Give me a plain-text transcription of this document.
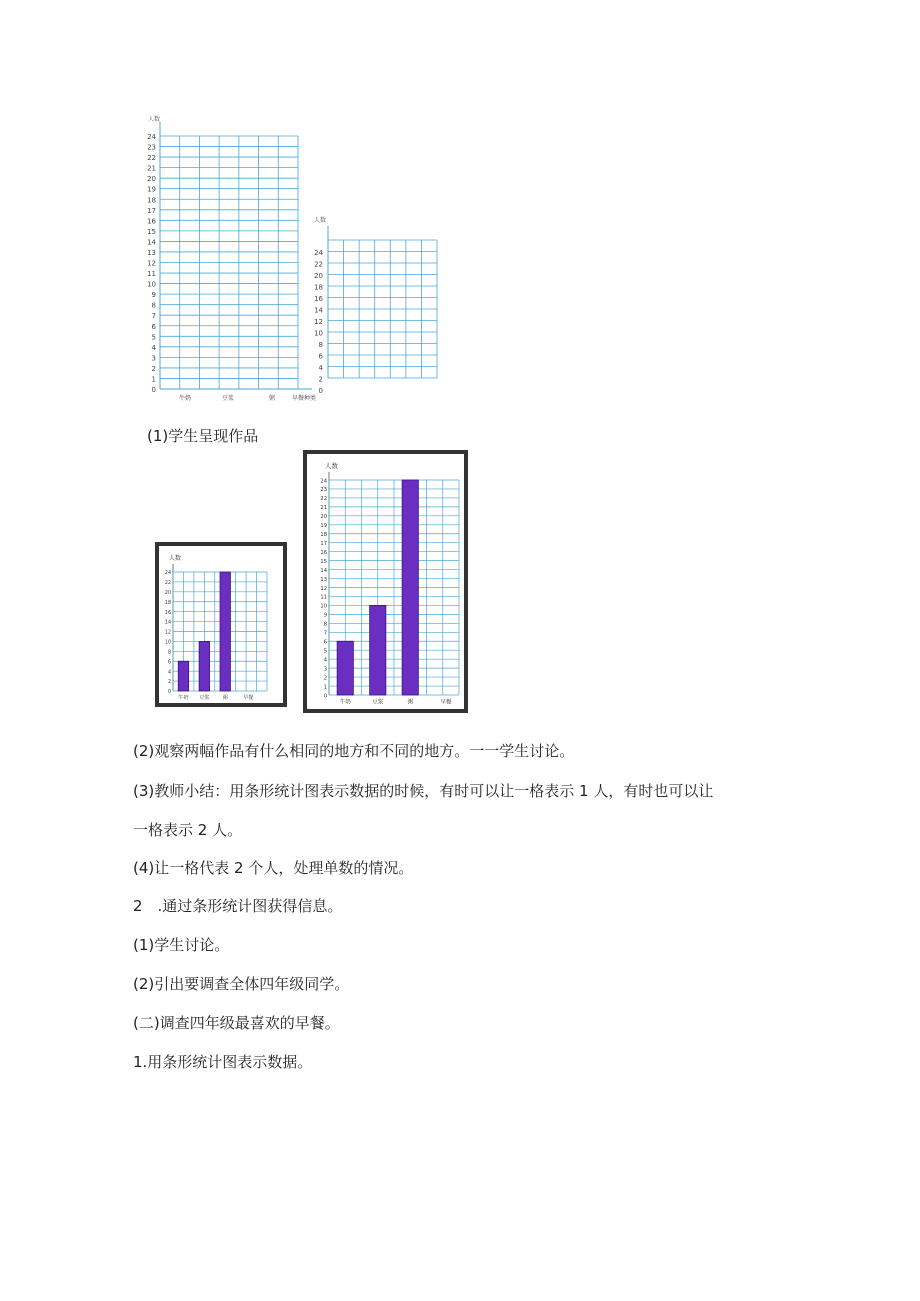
人数
0
1
2
3
4
5
6
7
8
9
10
11
12
13
14
15
16
17
18
19
20
21
22
23
24
牛奶	豆浆	粥	早餐种类
人数
0
2
4
6
8
10
12
14
16
18
20
22
24
(1)学生呈现作品
人数
0
2
4
6
8
10
12
14
16
18
20
22
24
牛奶 豆浆	粥	早餐
人数
0
1
2
3
4
5
6
7
8
9
10
11
12
13
14
15
16
17
18
19
20
21
22
23
24
牛奶	豆浆	粥	早餐
(2)观察两幅作品有什么相同的地方和不同的地方。一一学生讨论。
(3)教师小结：用条形统计图表示数据的时候，有时可以让一格表示 1 人，有时也可以让
一格表示 2 人。
(4)让一格代表 2 个人，处理单数的情况。
2　.通过条形统计图获得信息。
(1)学生讨论。
(2)引出要调查全体四年级同学。
(二)调查四年级最喜欢的早餐。
1.用条形统计图表示数据。
